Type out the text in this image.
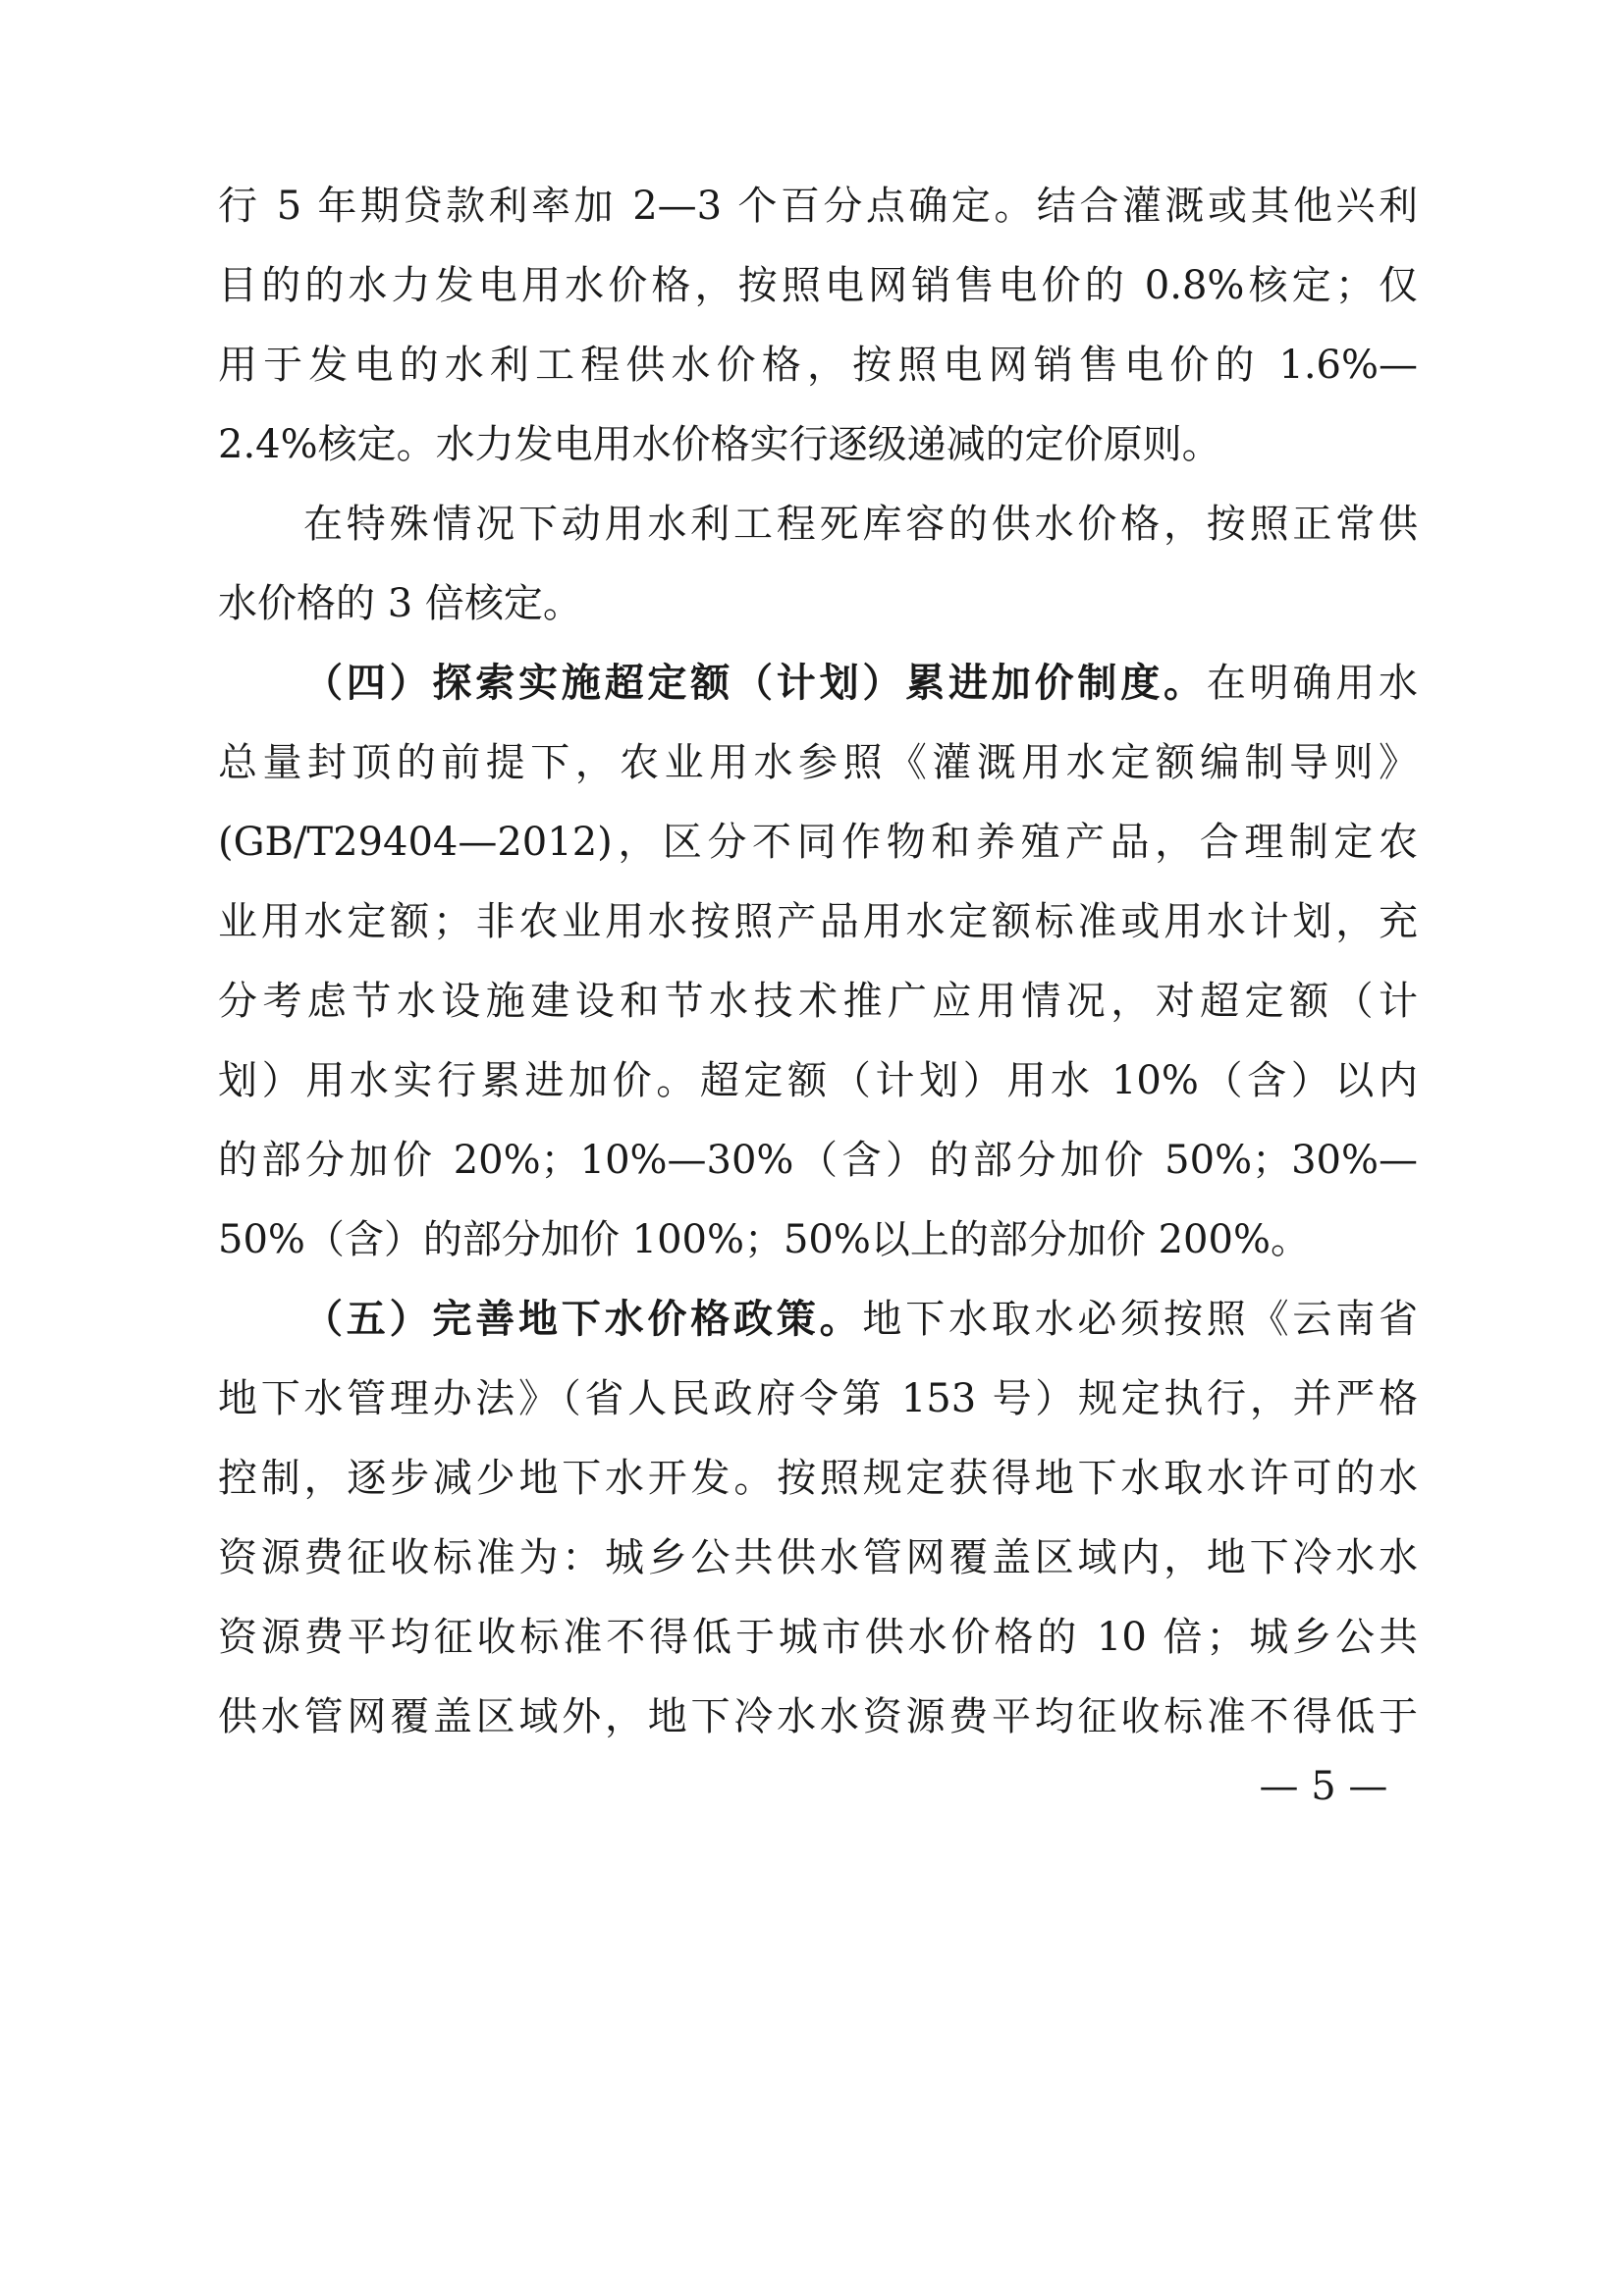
行 5 年期贷款利率加 2—3 个百分点确定。结合灌溉或其他兴利
目的的水力发电用水价格，按照电网销售电价的 0.8%核定；仅
用于发电的水利工程供水价格，按照电网销售电价的 1.6%—
2.4%核定。水力发电用水价格实行逐级递减的定价原则。
在特殊情况下动用水利工程死库容的供水价格，按照正常供
水价格的 3 倍核定。
（四）探索实施超定额（计划）累进加价制度。在明确用水
总量封顶的前提下，农业用水参照《灌溉用水定额编制导则》
(GB/T29404—2012)，区分不同作物和养殖产品，合理制定农
业用水定额；非农业用水按照产品用水定额标准或用水计划，充
分考虑节水设施建设和节水技术推广应用情况，对超定额（计
划）用水实行累进加价。超定额（计划）用水 10%（含）以内
的部分加价 20%；10%—30%（含）的部分加价 50%；30%—
50%（含）的部分加价 100%；50%以上的部分加价 200%。
（五）完善地下水价格政策。地下水取水必须按照《云南省
地下水管理办法》（省人民政府令第 153 号）规定执行，并严格
控制，逐步减少地下水开发。按照规定获得地下水取水许可的水
资源费征收标准为：城乡公共供水管网覆盖区域内，地下冷水水
资源费平均征收标准不得低于城市供水价格的 10 倍；城乡公共
供水管网覆盖区域外，地下冷水水资源费平均征收标准不得低于
— 5 —
